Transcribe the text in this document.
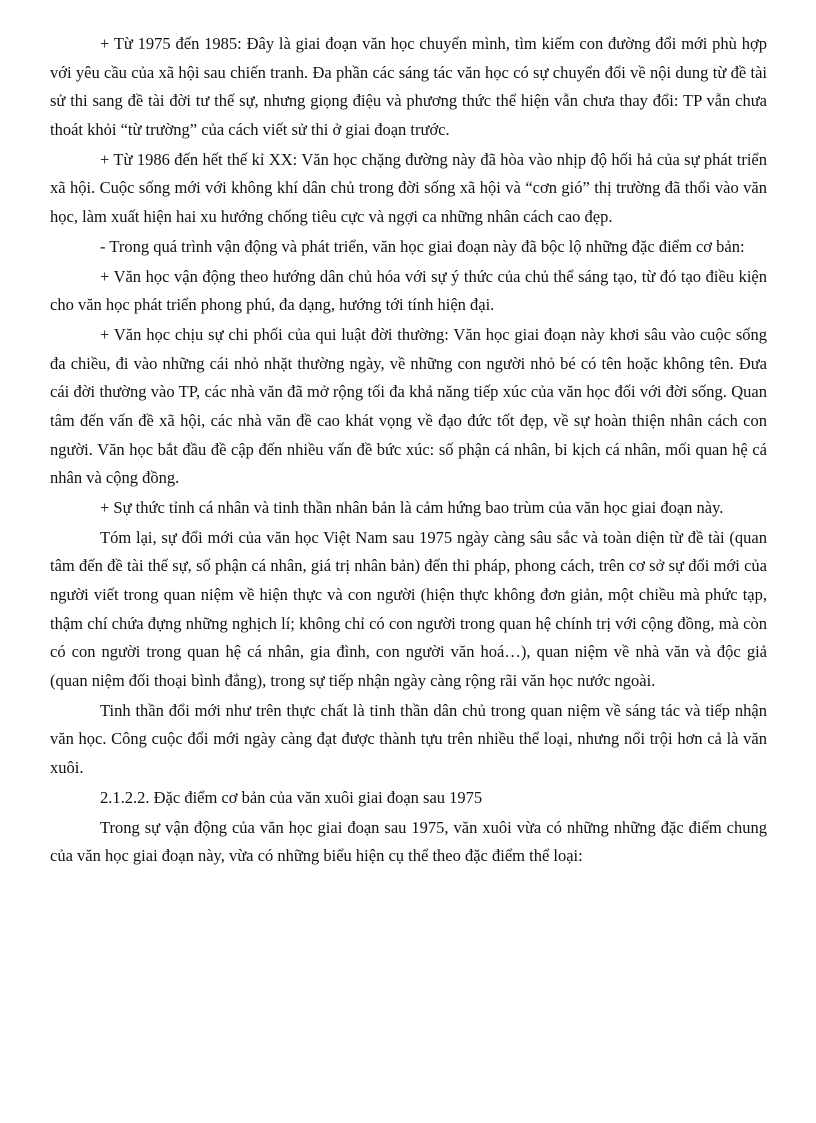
+ Từ 1975 đến 1985: Đây là giai đoạn văn học chuyển mình, tìm kiếm con đường đổi mới phù hợp với yêu cầu của xã hội sau chiến tranh. Đa phần các sáng tác văn học có sự chuyển đổi về nội dung từ đề tài sử thi sang đề tài đời tư thế sự, nhưng giọng điệu và phương thức thể hiện vẫn chưa thay đổi: TP vẫn chưa thoát khỏi “từ trường” của cách viết sử thi ở giai đoạn trước.

+ Từ 1986 đến hết thế kỉ XX: Văn học chặng đường này đã hòa vào nhịp độ hối hả của sự phát triển xã hội. Cuộc sống mới với không khí dân chủ trong đời sống xã hội và “cơn gió” thị trường đã thổi vào văn học, làm xuất hiện hai xu hướng chống tiêu cực và ngợi ca những nhân cách cao đẹp.

- Trong quá trình vận động và phát triển, văn học giai đoạn này đã bộc lộ những đặc điểm cơ bản:

+ Văn học vận động theo hướng dân chủ hóa với sự ý thức của chủ thể sáng tạo, từ đó tạo điều kiện cho văn học phát triển phong phú, đa dạng, hướng tới tính hiện đại.

+ Văn học chịu sự chi phối của qui luật đời thường: Văn học giai đoạn này khơi sâu vào cuộc sống đa chiều, đi vào những cái nhỏ nhặt thường ngày, về những con người nhỏ bé có tên hoặc không tên. Đưa cái đời thường vào TP, các nhà văn đã mở rộng tối đa khả năng tiếp xúc của văn học đối với đời sống. Quan tâm đến vấn đề xã hội, các nhà văn đề cao khát vọng về đạo đức tốt đẹp, về sự hoàn thiện nhân cách con người. Văn học bắt đầu đề cập đến nhiều vấn đề bức xúc: số phận cá nhân, bi kịch cá nhân, mối quan hệ cá nhân và cộng đồng.

+ Sự thức tỉnh cá nhân và tinh thần nhân bản là cảm hứng bao trùm của văn học giai đoạn này.

Tóm lại, sự đổi mới của văn học Việt Nam sau 1975 ngày càng sâu sắc và toàn diện từ đề tài (quan tâm đến đề tài thế sự, số phận cá nhân, giá trị nhân bản) đến thi pháp, phong cách, trên cơ sở sự đổi mới của người viết trong quan niệm về hiện thực và con người (hiện thực không đơn giản, một chiều mà phức tạp, thậm chí chứa đựng những nghịch lí; không chỉ có con người trong quan hệ chính trị với cộng đồng, mà còn có con người trong quan hệ cá nhân, gia đình, con người văn hoá…), quan niệm về nhà văn và độc giả (quan niệm đối thoại bình đẳng), trong sự tiếp nhận ngày càng rộng rãi văn học nước ngoài.

Tinh thần đổi mới như trên thực chất là tinh thần dân chủ trong quan niệm về sáng tác và tiếp nhận văn học. Công cuộc đổi mới ngày càng đạt được thành tựu trên nhiều thể loại, nhưng nổi trội hơn cả là văn xuôi.

2.1.2.2. Đặc điểm cơ bản của văn xuôi giai đoạn sau 1975

Trong sự vận động của văn học giai đoạn sau 1975, văn xuôi vừa có những những đặc điểm chung của văn học giai đoạn này, vừa có những biểu hiện cụ thể theo đặc điểm thể loại:
